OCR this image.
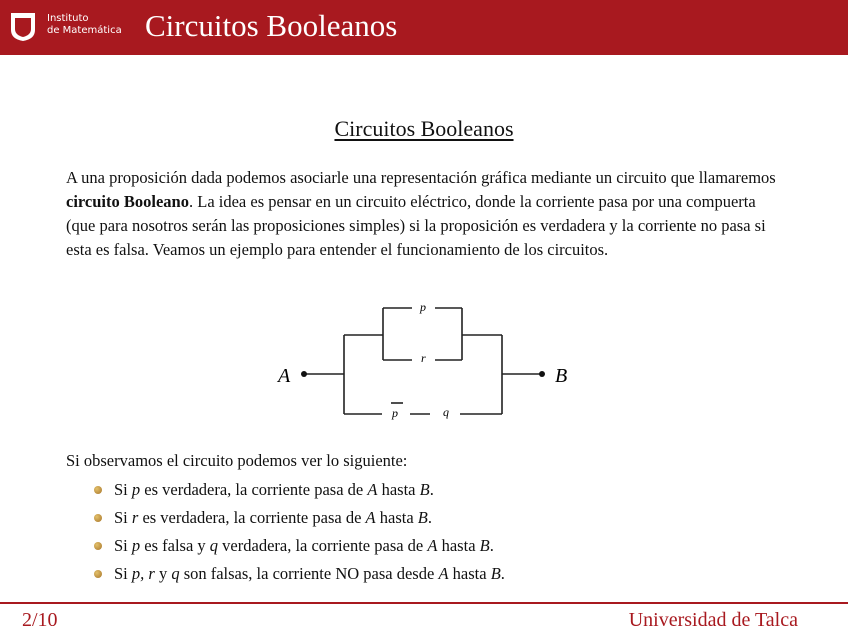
Instituto
de Matemática Circuitos Booleanos
Circuitos Booleanos
A una proposición dada podemos asociarle una representación gráfica mediante un circuito que llamaremos circuito Booleano. La idea es pensar en un circuito eléctrico, donde la corriente pasa por una compuerta (que para nosotros serán las proposiciones simples) si la proposición es verdadera y la corriente no pasa si esta es falsa. Veamos un ejemplo para entender el funcionamiento de los circuitos.
A	B
p
r
p	q
Si observamos el circuito podemos ver lo siguiente:
Si p es verdadera, la corriente pasa de A hasta B.
Si r es verdadera, la corriente pasa de A hasta B.
Si p es falsa y q verdadera, la corriente pasa de A hasta B.
Si p, r y q son falsas, la corriente NO pasa desde A hasta B.
2/10	Universidad de Talca
